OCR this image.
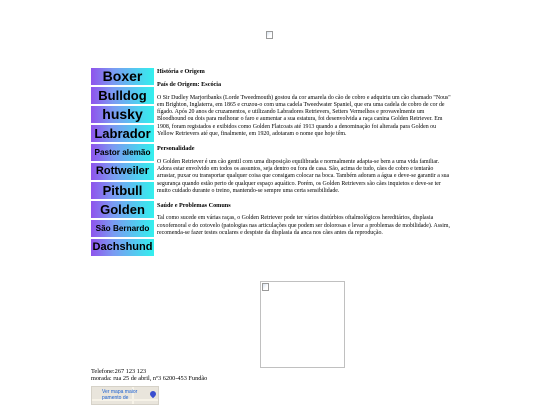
Boxer
Bulldog
husky
Labrador
Pastor alemão
Rottweiler
Pitbull
Golden
São Bernardo
Dachshund
História e Origem
País de Origem: Escócia

O Sir Dudley Marjoribanks (Lorde Tweedmouth) gostou da cor amarela do cão de cobro e adquiriu um cão chamado "Nous" em Brighton, Inglaterra, em 1865 e cruzou-o com uma cadela Tweedwater Spaniel, que era uma cadela de cobro de cor de fígado. Após 20 anos de cruzamentos, e utilizando Labradores Retrievers, Setters Vermelhos e provavelmente um Bloodhound ou dois para melhorar o faro e aumentar a sua estatura, foi desenvolvida a raça canina Golden Retriever. Em 1908, foram registados e exibidos como Golden Flatcoats até 1913 quando a denominação foi alterada para Golden ou Yellow Retrievers até que, finalmente, em 1920, adotaram o nome que hoje têm.

Personalidade

O Golden Retriever é um cão gentil com uma disposição equilibrada e normalmente adapta-se bem a uma vida familiar. Adora estar envolvido em todos os assuntos, seja dentro ou fora de casa. São, acima de tudo, cães de cobro e tentarão arrastar, puxar ou transportar qualquer coisa que consigam colocar na boca. Também adoram a água e deve-se garantir a sua segurança quando estão perto de qualquer espaço aquático. Porém, os Golden Retrievers são cães inquietos e deve-se ter muito cuidado durante o treino, mantendo-se sempre uma certa sensibilidade.

Saúde e Problemas Comuns

Tal como sucede em várias raças, o Golden Retriever pode ter vários distúrbios oftalmológicos hereditários, displasia coxofemoral e do cotovelo (patologias nas articulações que podem ser dolorosas e levar a problemas de mobilidade). Assim, recomenda-se fazer testes oculares e despiste da displasia da anca nos cães antes da reprodução.

Telefone:267 123 123
morada: rua 25 de abril, nº3 6200-453 Fundão
Ver mapa maior
pamento de
